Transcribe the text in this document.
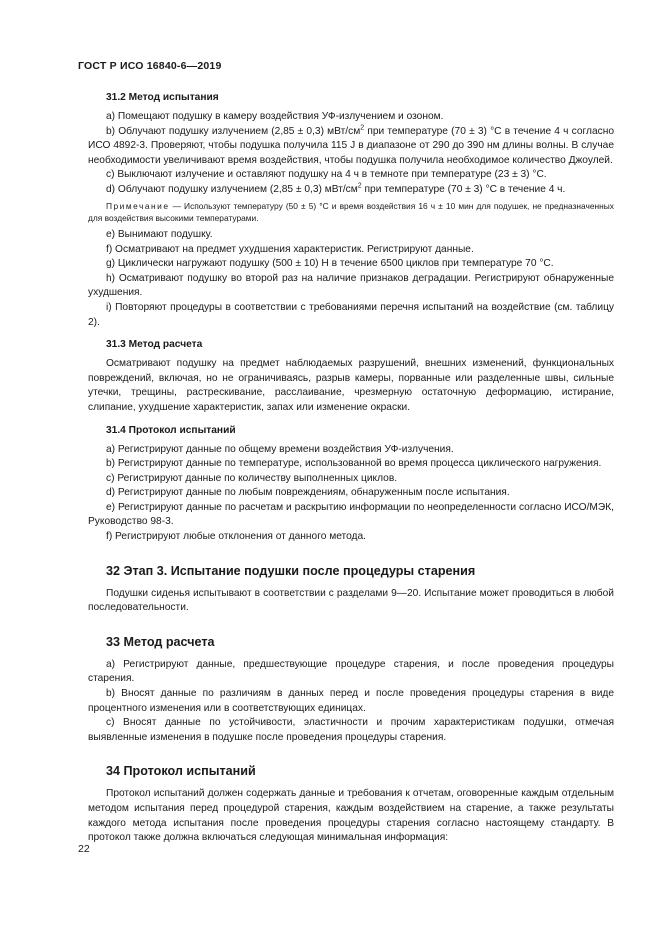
ГОСТ Р ИСО 16840-6—2019
31.2 Метод испытания

а) Помещают подушку в камеру воздействия УФ-излучением и озоном.

b) Облучают подушку излучением (2,85 ± 0,3) мВт/$см^2$ при температуре (70 ± 3) °С в течение 4 ч согласно ИСО 4892-3. Проверяют, чтобы подушка получила 115 J в диапазоне от 290 до 390 нм длины волны. В случае необходимости увеличивают время воздействия, чтобы подушка получила необходимое количество Джоулей.

c) Выключают излучение и оставляют подушку на 4 ч в темноте при температуре (23 ± 3) °С.

d) Облучают подушку излучением (2,85 ± 0,3) мВт/$см^2$ при температуре (70 ± 3) °С в течение 4 ч.

Примечание — Используют температуру (50 ± 5) °С и время воздействия 16 ч ± 10 мин для подушек, не предназначенных для воздействия высокими температурами.

е) Вынимают подушку.

f) Осматривают на предмет ухудшения характеристик. Регистрируют данные.

g) Циклически нагружают подушку (500 ± 10) Н в течение 6500 циклов при температуре 70 °С.

h) Осматривают подушку во второй раз на наличие признаков деградации. Регистрируют обнаруженные ухудшения.

i) Повторяют процедуры в соответствии с требованиями перечня испытаний на воздействие (см. таблицу 2).

31.3 Метод расчета

Осматривают подушку на предмет наблюдаемых разрушений, внешних изменений, функциональных повреждений, включая, но не ограничиваясь, разрыв камеры, порванные или разделенные швы, сильные утечки, трещины, растрескивание, расслаивание, чрезмерную остаточную деформацию, истирание, слипание, ухудшение характеристик, запах или изменение окраски.

31.4 Протокол испытаний

а) Регистрируют данные по общему времени воздействия УФ-излучения.

b) Регистрируют данные по температуре, использованной во время процесса циклического нагружения.

c) Регистрируют данные по количеству выполненных циклов.

d) Регистрируют данные по любым повреждениям, обнаруженным после испытания.

е) Регистрируют данные по расчетам и раскрытию информации по неопределенности согласно ИСО/МЭК, Руководство 98-3.

f) Регистрируют любые отклонения от данного метода.

32 Этап 3. Испытание подушки после процедуры старения

Подушки сиденья испытывают в соответствии с разделами 9—20. Испытание может проводиться в любой последовательности.

33 Метод расчета

а) Регистрируют данные, предшествующие процедуре старения, и после проведения процедуры старения.

b) Вносят данные по различиям в данных перед и после проведения процедуры старения в виде процентного изменения или в соответствующих единицах.

c) Вносят данные по устойчивости, эластичности и прочим характеристикам подушки, отмечая выявленные изменения в подушке после проведения процедуры старения.

34 Протокол испытаний

Протокол испытаний должен содержать данные и требования к отчетам, оговоренные каждым отдельным методом испытания перед процедурой старения, каждым воздействием на старение, а также результаты каждого метода испытания после проведения процедуры старения согласно настоящему стандарту. В протокол также должна включаться следующая минимальная информация:

22
